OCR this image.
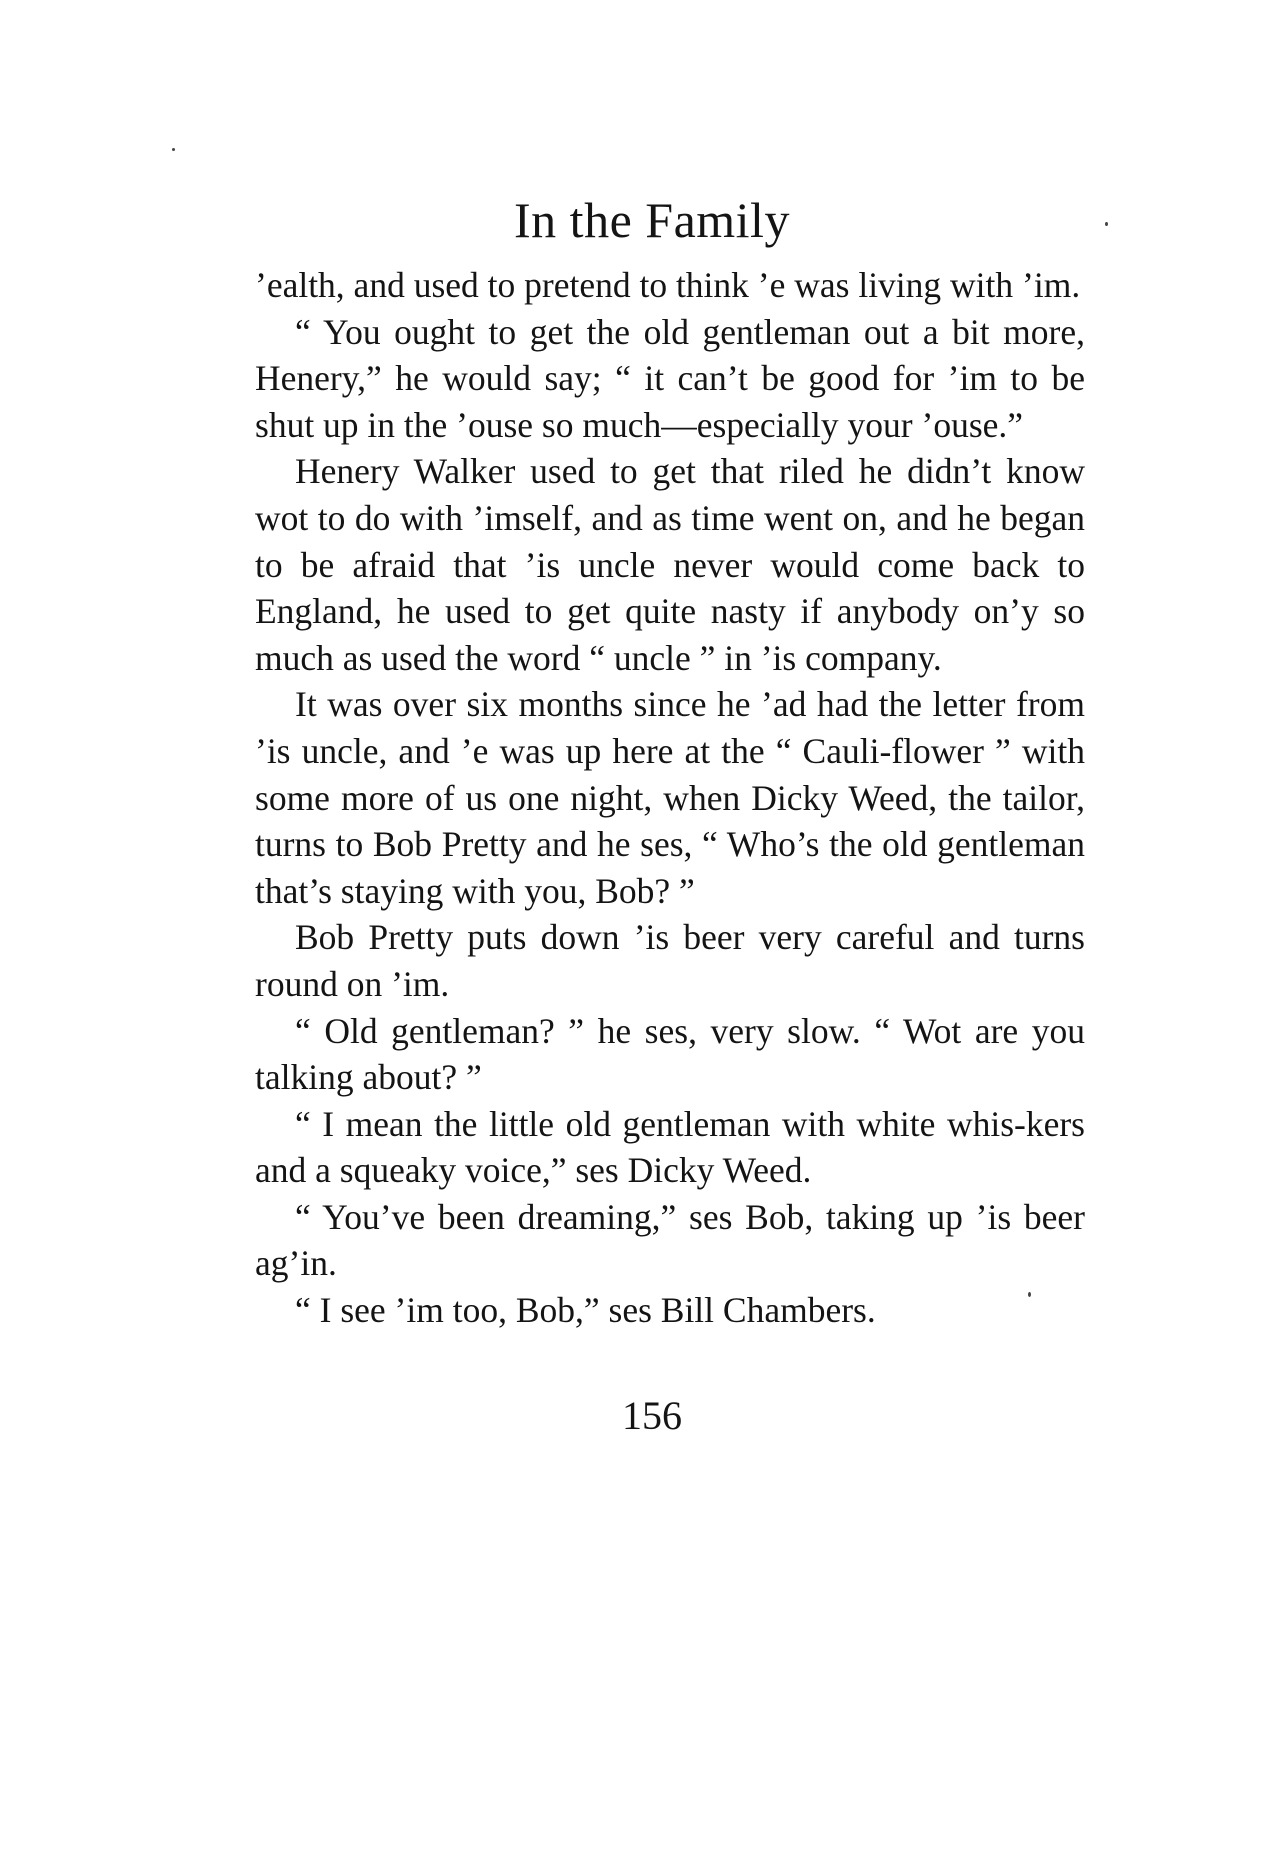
In the Family

’ealth, and used to pretend to think ’e was living with ’im.

“ You ought to get the old gentleman out a bit more, Henery,” he would say; “ it can’t be good for ’im to be shut up in the ’ouse so much—especially your ’ouse.”

Henery Walker used to get that riled he didn’t know wot to do with ’imself, and as time went on, and he began to be afraid that ’is uncle never would come back to England, he used to get quite nasty if anybody on’y so much as used the word “ uncle ” in ’is company.

It was over six months since he ’ad had the letter from ’is uncle, and ’e was up here at the “ Cauli-flower ” with some more of us one night, when Dicky Weed, the tailor, turns to Bob Pretty and he ses, “ Who’s the old gentleman that’s staying with you, Bob? ”

Bob Pretty puts down ’is beer very careful and turns round on ’im.

“ Old gentleman? ” he ses, very slow. “ Wot are you talking about? ”

“ I mean the little old gentleman with white whis-kers and a squeaky voice,” ses Dicky Weed.

“ You’ve been dreaming,” ses Bob, taking up ’is beer ag’in.

“ I see ’im too, Bob,” ses Bill Chambers.

156
